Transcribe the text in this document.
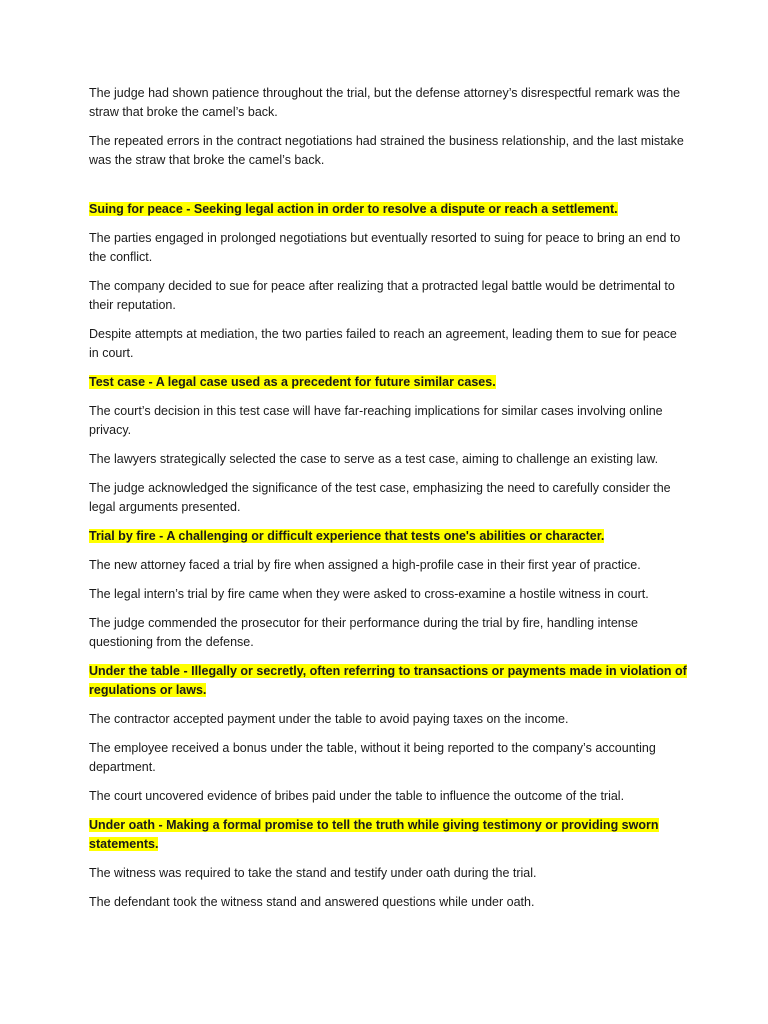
The judge had shown patience throughout the trial, but the defense attorney’s disrespectful remark was the straw that broke the camel’s back.

The repeated errors in the contract negotiations had strained the business relationship, and the last mistake was the straw that broke the camel’s back.

Suing for peace - Seeking legal action in order to resolve a dispute or reach a settlement.

The parties engaged in prolonged negotiations but eventually resorted to suing for peace to bring an end to the conflict.

The company decided to sue for peace after realizing that a protracted legal battle would be detrimental to their reputation.

Despite attempts at mediation, the two parties failed to reach an agreement, leading them to sue for peace in court.

Test case - A legal case used as a precedent for future similar cases.

The court’s decision in this test case will have far-reaching implications for similar cases involving online privacy.

The lawyers strategically selected the case to serve as a test case, aiming to challenge an existing law.

The judge acknowledged the significance of the test case, emphasizing the need to carefully consider the legal arguments presented.

Trial by fire - A challenging or difficult experience that tests one's abilities or character.

The new attorney faced a trial by fire when assigned a high-profile case in their first year of practice.

The legal intern’s trial by fire came when they were asked to cross-examine a hostile witness in court.

The judge commended the prosecutor for their performance during the trial by fire, handling intense questioning from the defense.

Under the table - Illegally or secretly, often referring to transactions or payments made in violation of regulations or laws.

The contractor accepted payment under the table to avoid paying taxes on the income.

The employee received a bonus under the table, without it being reported to the company’s accounting department.

The court uncovered evidence of bribes paid under the table to influence the outcome of the trial.

Under oath - Making a formal promise to tell the truth while giving testimony or providing sworn statements.

The witness was required to take the stand and testify under oath during the trial.

The defendant took the witness stand and answered questions while under oath.
